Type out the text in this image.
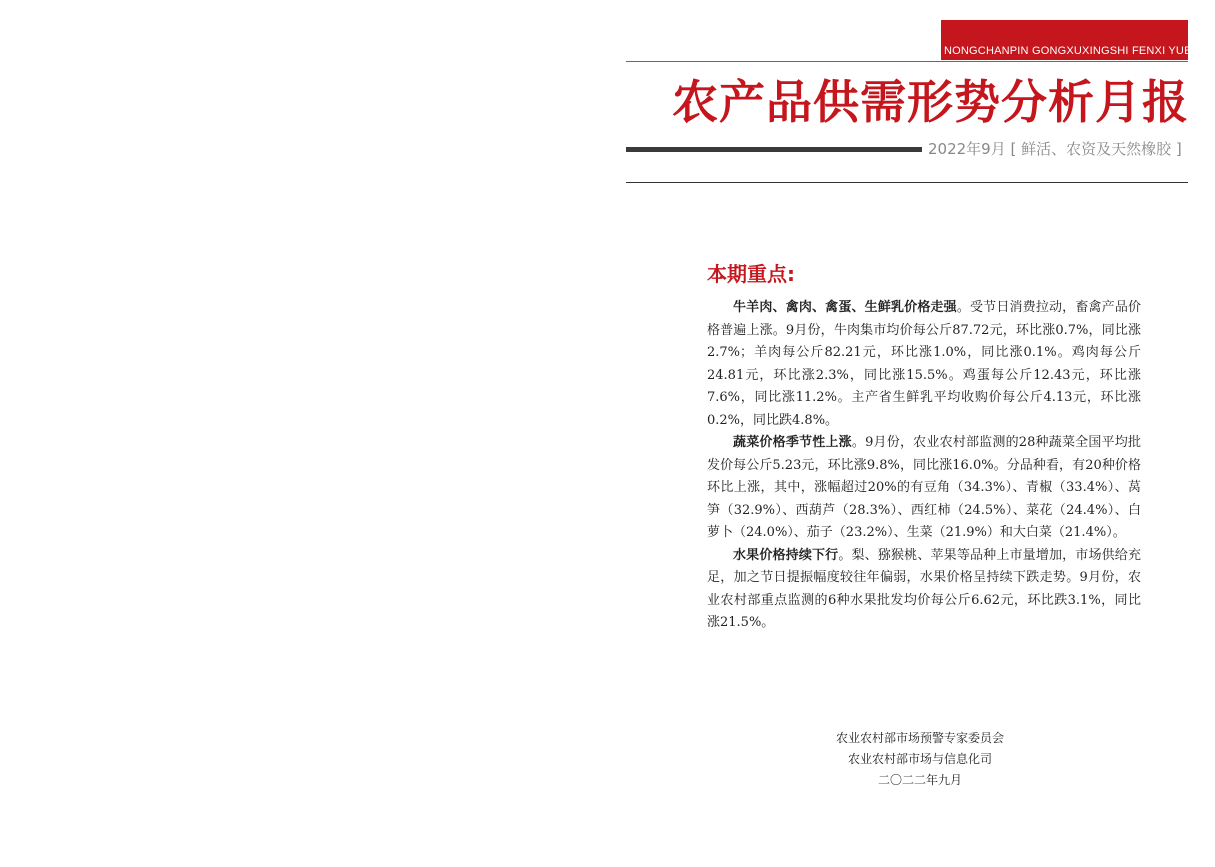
NONGCHANPIN GONGXUXINGSHI FENXI YUEBAO
农产品供需形势分析月报
2022年9月 [ 鲜活、农资及天然橡胶 ]
本期重点:

牛羊肉、禽肉、禽蛋、生鲜乳价格走强。受节日消费拉动，畜禽产品价格普遍上涨。9月份，牛肉集市均价每公斤87.72元，环比涨0.7%，同比涨2.7%；羊肉每公斤82.21元，环比涨1.0%，同比涨0.1%。鸡肉每公斤24.81元，环比涨2.3%，同比涨15.5%。鸡蛋每公斤12.43元，环比涨7.6%，同比涨11.2%。主产省生鲜乳平均收购价每公斤4.13元，环比涨0.2%，同比跌4.8%。

蔬菜价格季节性上涨。9月份，农业农村部监测的28种蔬菜全国平均批发价每公斤5.23元，环比涨9.8%，同比涨16.0%。分品种看，有20种价格环比上涨，其中，涨幅超过20%的有豆角（34.3%）、青椒（33.4%）、莴笋（32.9%）、西葫芦（28.3%）、西红柿（24.5%）、菜花（24.4%）、白萝卜（24.0%）、茄子（23.2%）、生菜（21.9%）和大白菜（21.4%）。

水果价格持续下行。梨、猕猴桃、苹果等品种上市量增加，市场供给充足，加之节日提振幅度较往年偏弱，水果价格呈持续下跌走势。9月份，农业农村部重点监测的6种水果批发均价每公斤6.62元，环比跌3.1%，同比涨21.5%。

农业农村部市场预警专家委员会
农业农村部市场与信息化司
二〇二二年九月
